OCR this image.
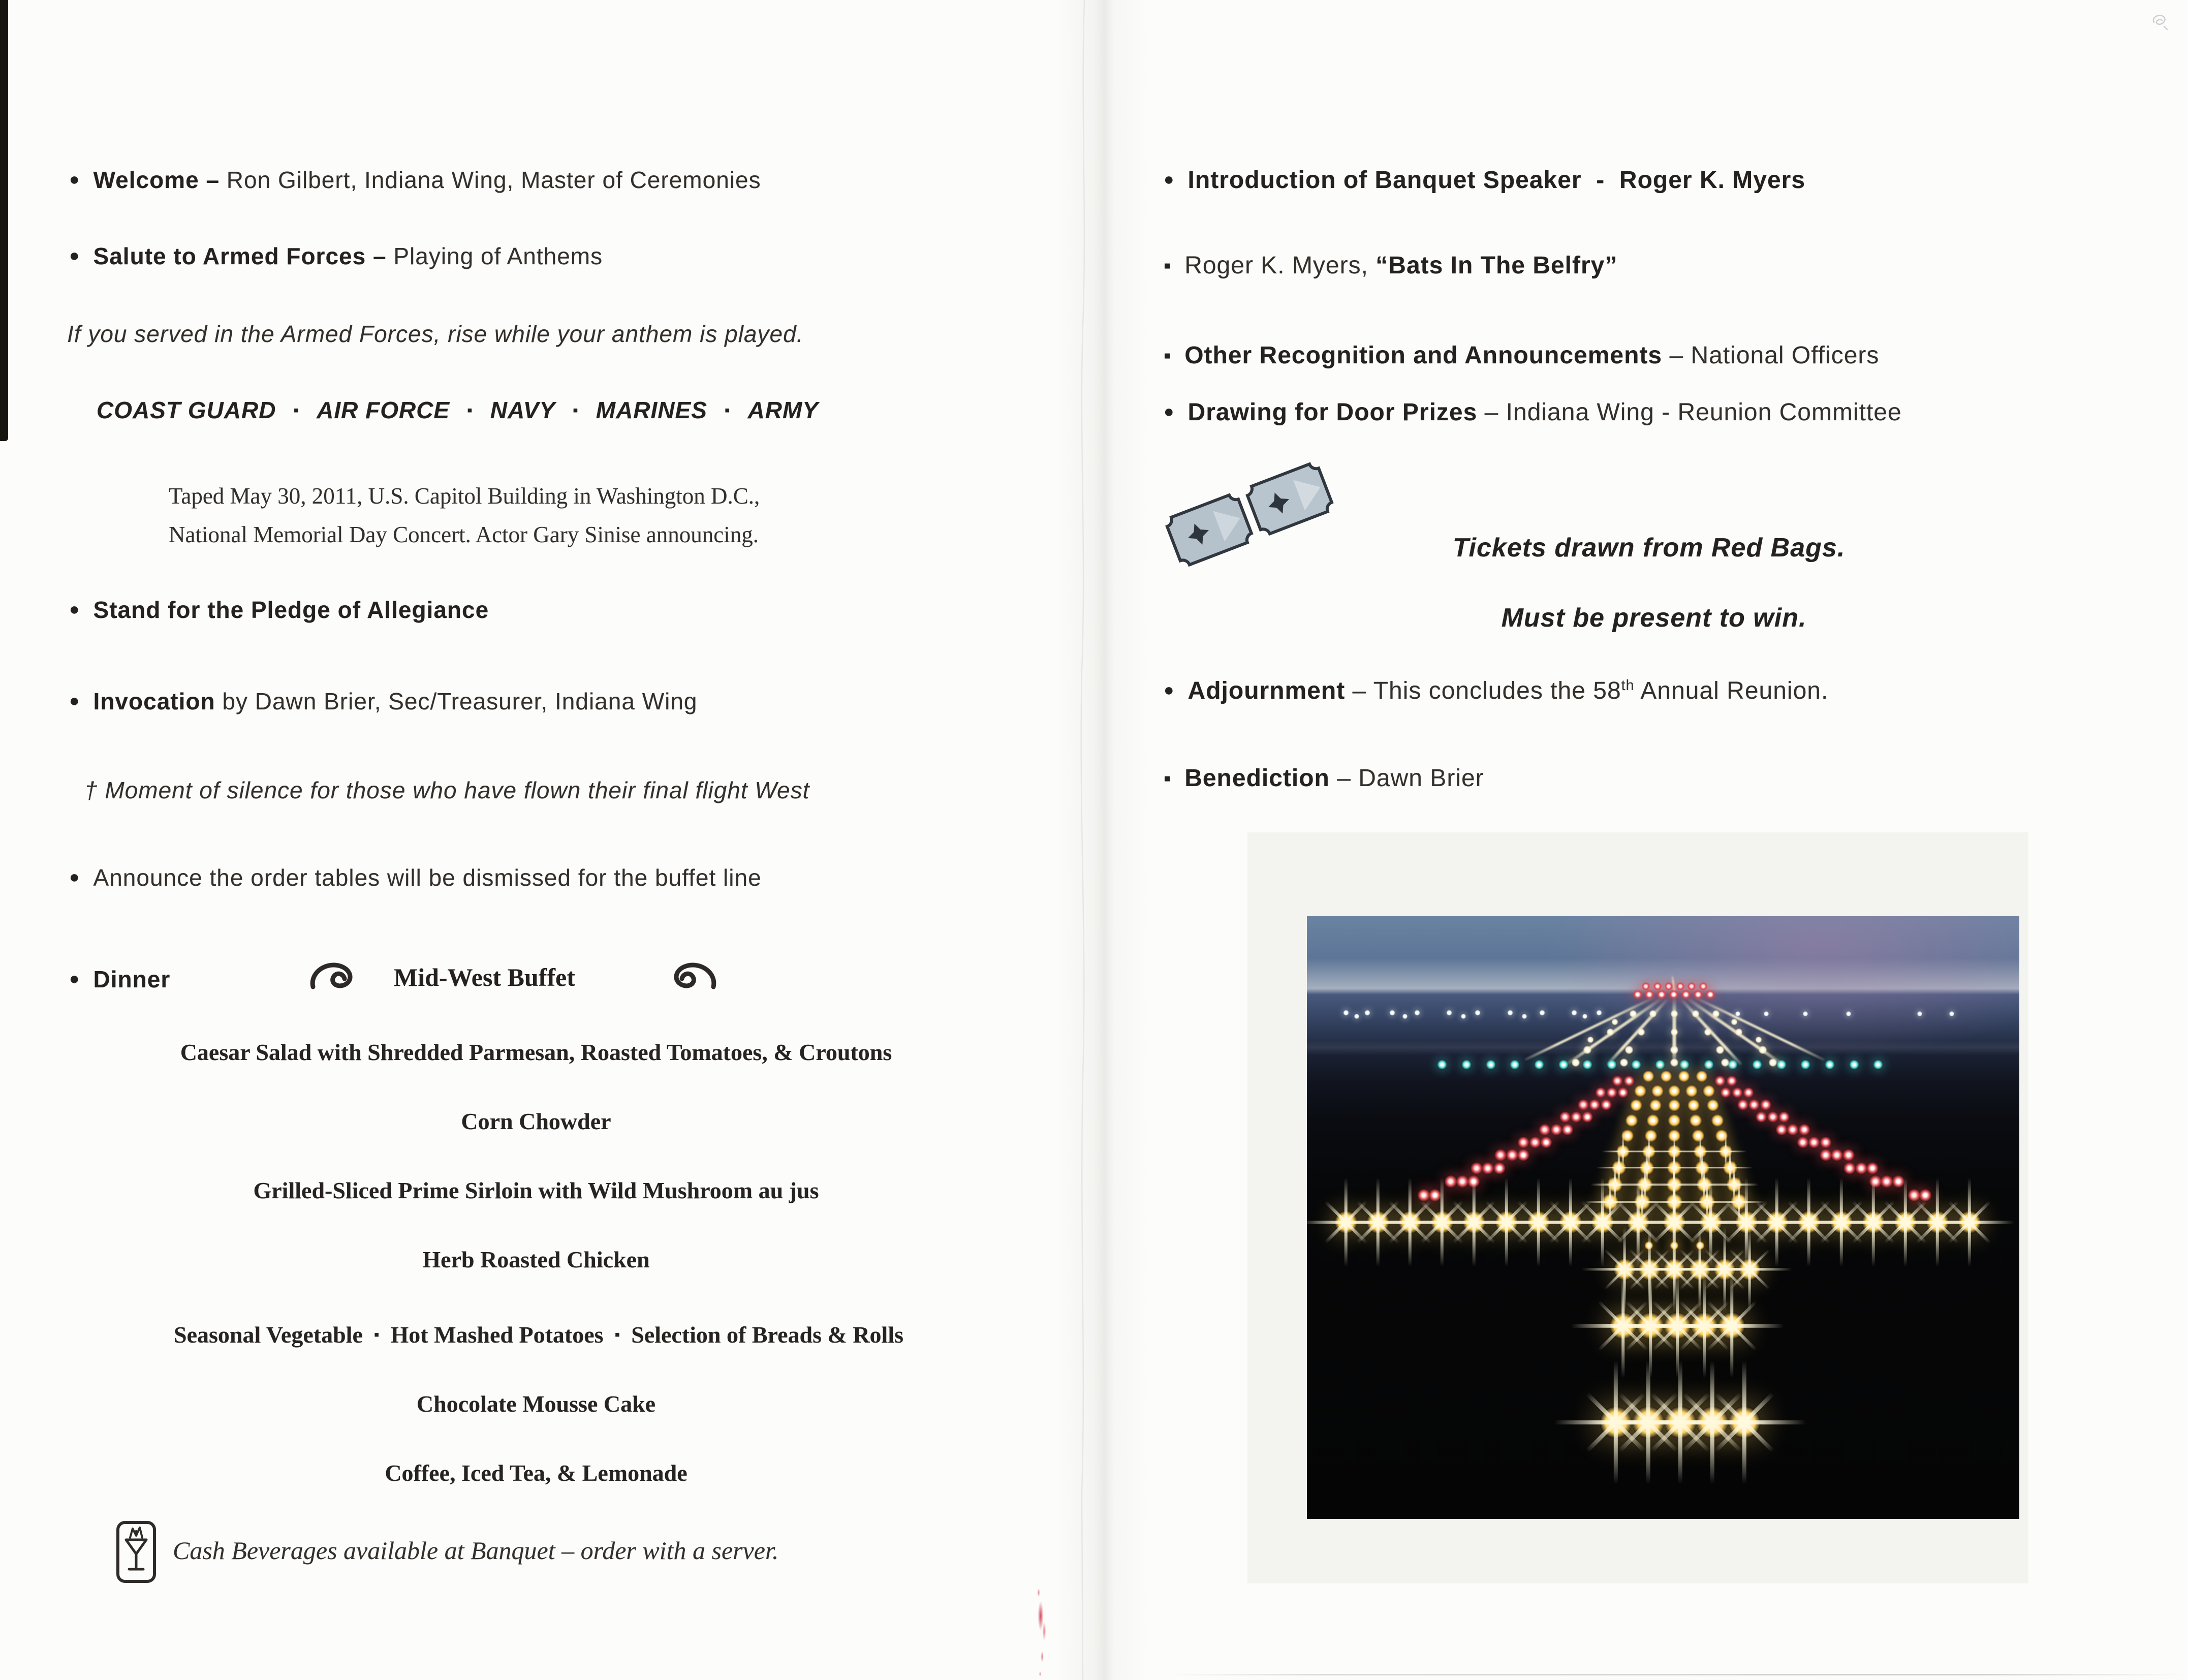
● Welcome – Ron Gilbert, Indiana Wing, Master of Ceremonies
● Salute to Armed Forces – Playing of Anthems
If you served in the Armed Forces, rise while your anthem is played.
COAST GUARD ▪ AIR FORCE ▪ NAVY ▪ MARINES ▪ ARMY
Taped May 30, 2011, U.S. Capitol Building in Washington D.C.,
National Memorial Day Concert. Actor Gary Sinise announcing.
● Stand for the Pledge of Allegiance
● Invocation by Dawn Brier, Sec/Treasurer, Indiana Wing
† Moment of silence for those who have flown their final flight West
● Announce the order tables will be dismissed for the buffet line
● Dinner	Mid-West Buffet
Caesar Salad with Shredded Parmesan, Roasted Tomatoes, & Croutons
Corn Chowder
Grilled-Sliced Prime Sirloin with Wild Mushroom au jus
Herb Roasted Chicken
Seasonal Vegetable ▪ Hot Mashed Potatoes ▪ Selection of Breads & Rolls
Chocolate Mousse Cake
Coffee, Iced Tea, & Lemonade
Cash Beverages available at Banquet – order with a server.
● Introduction of Banquet Speaker  -  Roger K. Myers
▪ Roger K. Myers, “Bats In The Belfry”
▪ Other Recognition and Announcements – National Officers
● Drawing for Door Prizes – Indiana Wing - Reunion Committee
Tickets drawn from Red Bags.
Must be present to win.
● Adjournment – This concludes the 58th Annual Reunion.
▪ Benediction – Dawn Brier
